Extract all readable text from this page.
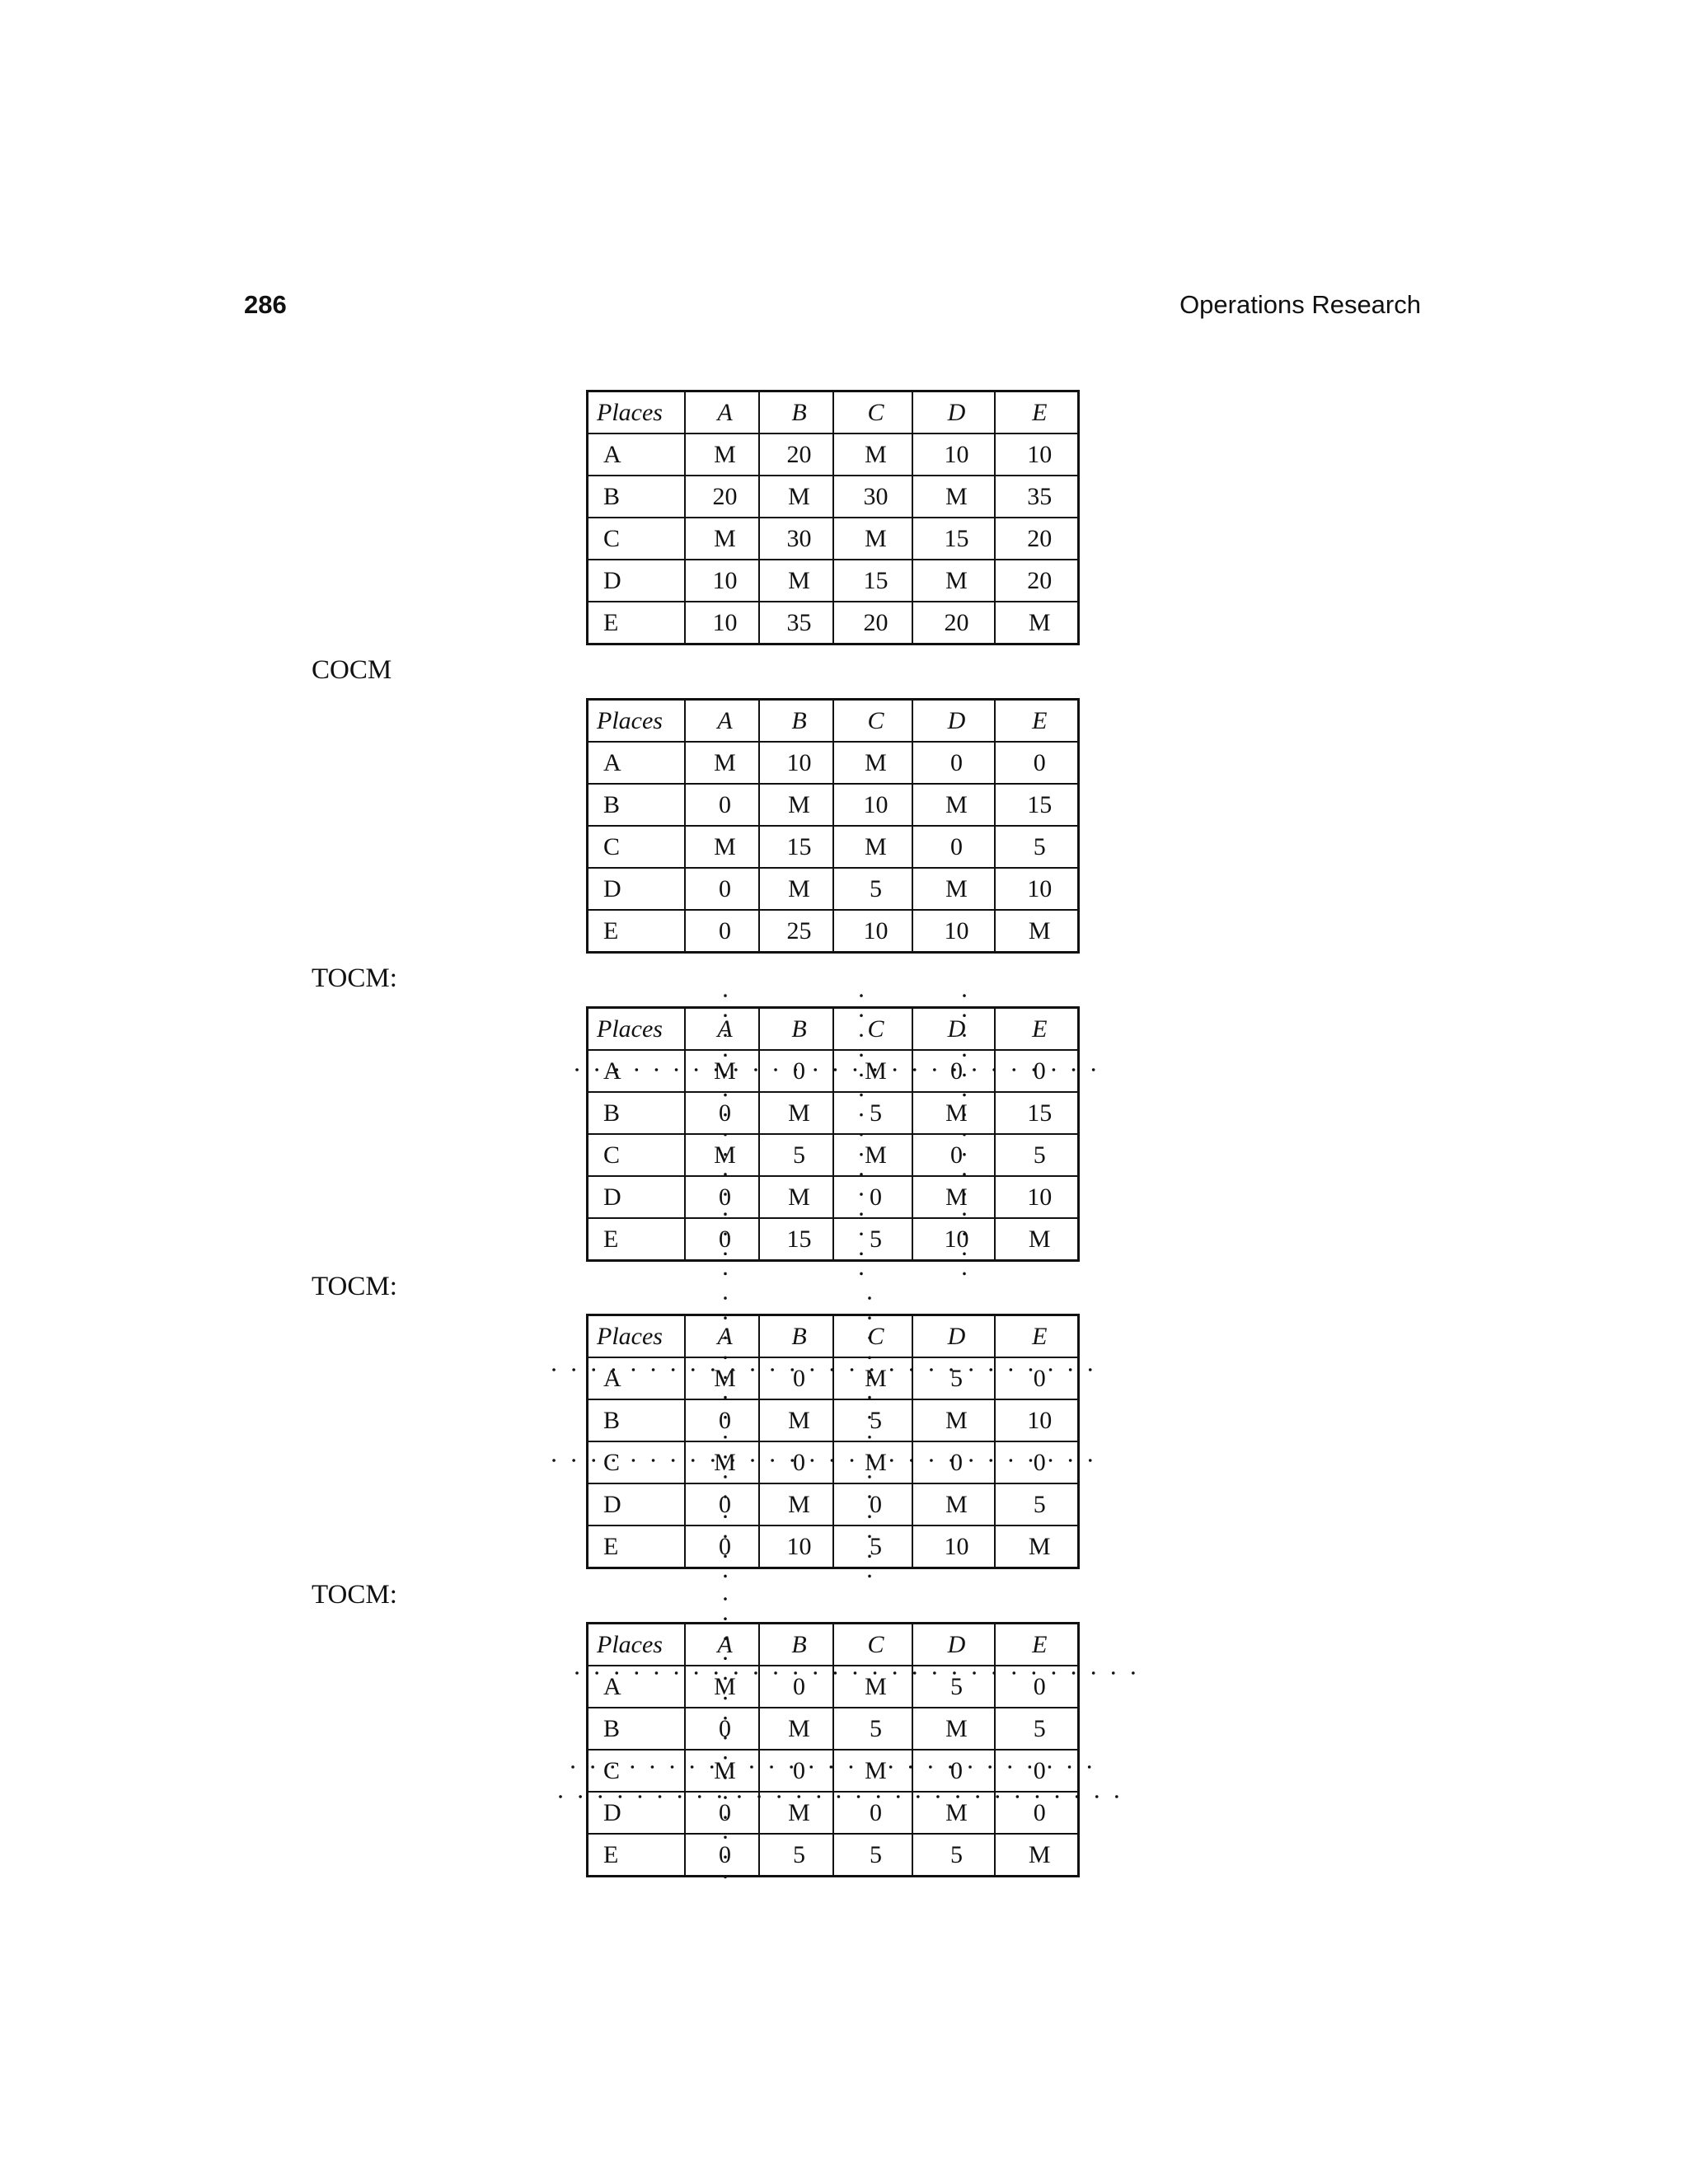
286	Operations Research
Places	A	B	C	D	E
A	M	20	M	10	10
B	20	M	30	M	35
C	M	30	M	15	20
D	10	M	15	M	20
E	10	35	20	20	M
COCM
Places	A	B	C	D	E
A	M	10	M	0	0
B	0	M	10	M	15
C	M	15	M	0	5
D	0	M	5	M	10
E	0	25	10	10	M
TOCM:
Places	A	B	C	D	E
A	M	0	M	0	0
B	0	M	5	M	15
C	M	5	M	0	5
D	0	M	0	M	10
E	0	15	5	10	M
TOCM:
Places	A	B	C	D	E
A	M	0	M	5	0
B	0	M	5	M	10
C	M	0	M	0	0
D	0	M	0	M	5
E	0	10	5	10	M
TOCM:
Places	A	B	C	D	E
A	M	0	M	5	0
B	0	M	5	M	5
C	M	0	M	0	0
D	0	M	0	M	0
E	0	5	5	5	M
